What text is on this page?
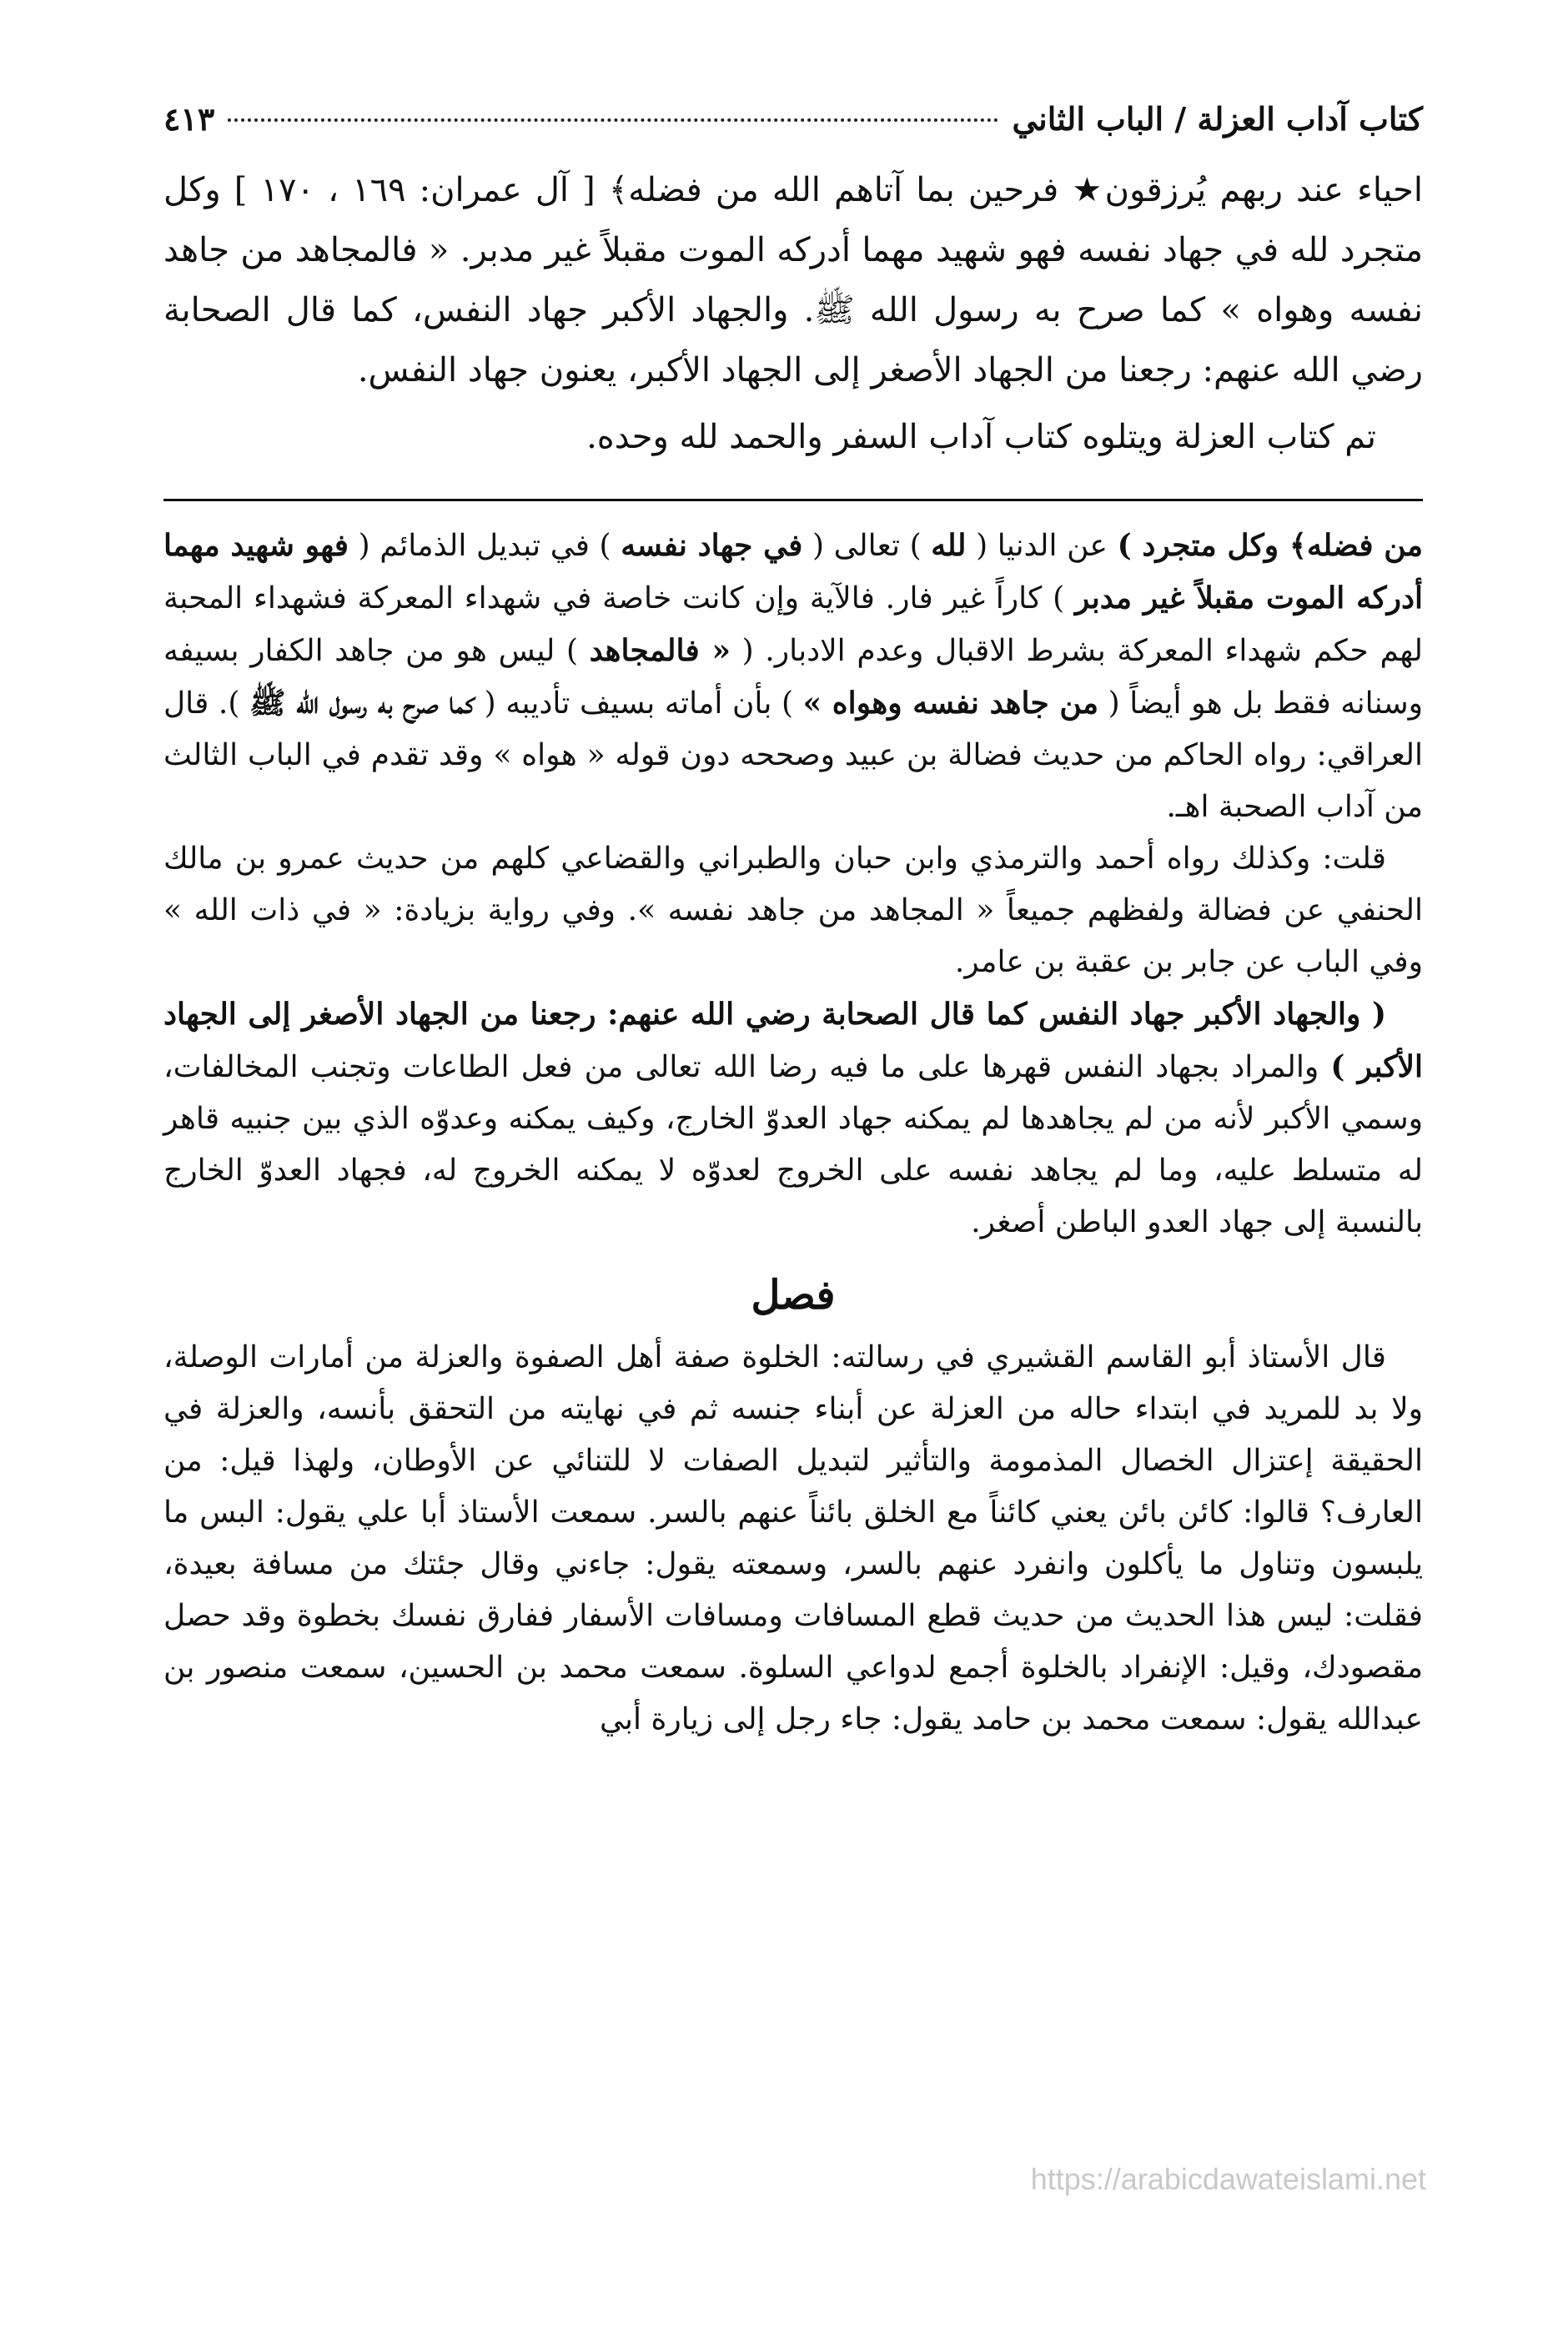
كتاب آداب العزلة / الباب الثاني
٤١٣

احياء عند ربهم يُرزقون★ فرحين بما آتاهم الله من فضله﴾ [ آل عمران: ١٦٩ ، ١٧٠ ] وكل متجرد لله في جهاد نفسه فهو شهيد مهما أدركه الموت مقبلاً غير مدبر. « فالمجاهد من جاهد نفسه وهواه » كما صرح به رسول الله ﷺ. والجهاد الأكبر جهاد النفس، كما قال الصحابة رضي الله عنهم: رجعنا من الجهاد الأصغر إلى الجهاد الأكبر، يعنون جهاد النفس.

تم كتاب العزلة ويتلوه كتاب آداب السفر والحمد لله وحده.

من فضله﴾ وكل متجرد ) عن الدنيا ( لله ) تعالى ( في جهاد نفسه ) في تبديل الذمائم ( فهو شهيد مهما أدركه الموت مقبلاً غير مدبر ) كاراً غير فار. فالآية وإن كانت خاصة في شهداء المعركة فشهداء المحبة لهم حكم شهداء المعركة بشرط الاقبال وعدم الادبار. ( « فالمجاهد ) ليس هو من جاهد الكفار بسيفه وسنانه فقط بل هو أيضاً ( من جاهد نفسه وهواه » ) بأن أماته بسيف تأديبه ( كما صرح به رسول الله ﷺ ). قال العراقي: رواه الحاكم من حديث فضالة بن عبيد وصححه دون قوله « هواه » وقد تقدم في الباب الثالث من آداب الصحبة اهـ.

قلت: وكذلك رواه أحمد والترمذي وابن حبان والطبراني والقضاعي كلهم من حديث عمرو بن مالك الحنفي عن فضالة ولفظهم جميعاً « المجاهد من جاهد نفسه ». وفي رواية بزيادة: « في ذات الله » وفي الباب عن جابر بن عقبة بن عامر.

( والجهاد الأكبر جهاد النفس كما قال الصحابة رضي الله عنهم: رجعنا من الجهاد الأصغر إلى الجهاد الأكبر ) والمراد بجهاد النفس قهرها على ما فيه رضا الله تعالى من فعل الطاعات وتجنب المخالفات، وسمي الأكبر لأنه من لم يجاهدها لم يمكنه جهاد العدوّ الخارج، وكيف يمكنه وعدوّه الذي بين جنبيه قاهر له متسلط عليه، وما لم يجاهد نفسه على الخروج لعدوّه لا يمكنه الخروج له، فجهاد العدوّ الخارج بالنسبة إلى جهاد العدو الباطن أصغر.

فصل

قال الأستاذ أبو القاسم القشيري في رسالته: الخلوة صفة أهل الصفوة والعزلة من أمارات الوصلة، ولا بد للمريد في ابتداء حاله من العزلة عن أبناء جنسه ثم في نهايته من التحقق بأنسه، والعزلة في الحقيقة إعتزال الخصال المذمومة والتأثير لتبديل الصفات لا للتنائي عن الأوطان، ولهذا قيل: من العارف؟ قالوا: كائن بائن يعني كائناً مع الخلق بائناً عنهم بالسر. سمعت الأستاذ أبا علي يقول: البس ما يلبسون وتناول ما يأكلون وانفرد عنهم بالسر، وسمعته يقول: جاءني وقال جئتك من مسافة بعيدة، فقلت: ليس هذا الحديث من حديث قطع المسافات ومسافات الأسفار ففارق نفسك بخطوة وقد حصل مقصودك، وقيل: الإنفراد بالخلوة أجمع لدواعي السلوة. سمعت محمد بن الحسين، سمعت منصور بن عبدالله يقول: سمعت محمد بن حامد يقول: جاء رجل إلى زيارة أبي

https://arabicdawateislami.net
